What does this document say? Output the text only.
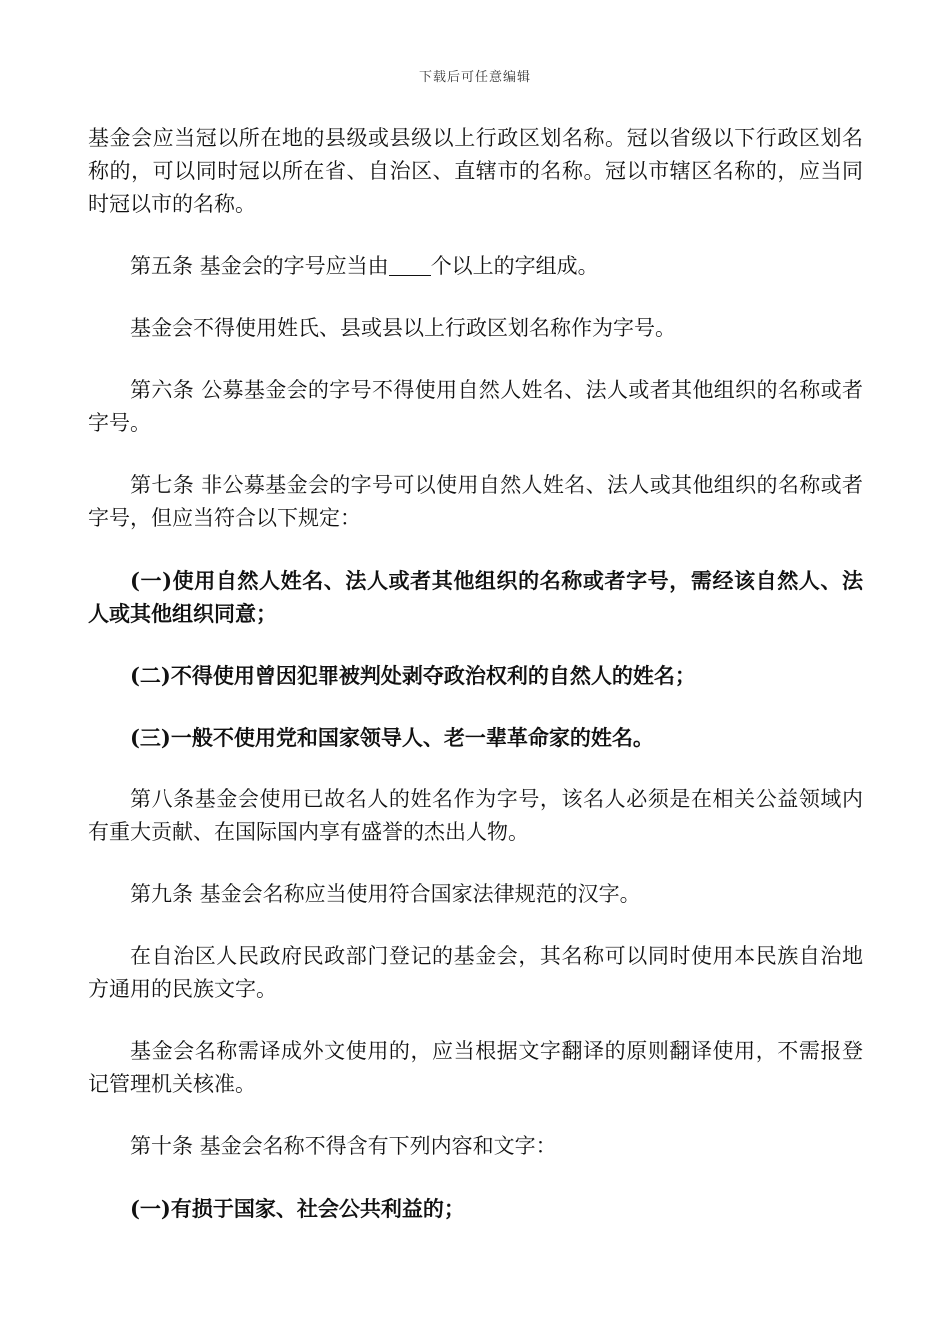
下载后可任意编辑

基金会应当冠以所在地的县级或县级以上行政区划名称。冠以省级以下行政区划名称的，可以同时冠以所在省、自治区、直辖市的名称。冠以市辖区名称的，应当同时冠以市的名称。

第五条 基金会的字号应当由 个以上的字组成。

基金会不得使用姓氏、县或县以上行政区划名称作为字号。

第六条 公募基金会的字号不得使用自然人姓名、法人或者其他组织的名称或者字号。

第七条 非公募基金会的字号可以使用自然人姓名、法人或其他组织的名称或者字号，但应当符合以下规定：

(一)使用自然人姓名、法人或者其他组织的名称或者字号，需经该自然人、法人或其他组织同意；

(二)不得使用曾因犯罪被判处剥夺政治权利的自然人的姓名；

(三)一般不使用党和国家领导人、老一辈革命家的姓名。

第八条基金会使用已故名人的姓名作为字号，该名人必须是在相关公益领域内有重大贡献、在国际国内享有盛誉的杰出人物。

第九条 基金会名称应当使用符合国家法律规范的汉字。

在自治区人民政府民政部门登记的基金会，其名称可以同时使用本民族自治地方通用的民族文字。

基金会名称需译成外文使用的，应当根据文字翻译的原则翻译使用，不需报登记管理机关核准。

第十条 基金会名称不得含有下列内容和文字：

(一)有损于国家、社会公共利益的；
